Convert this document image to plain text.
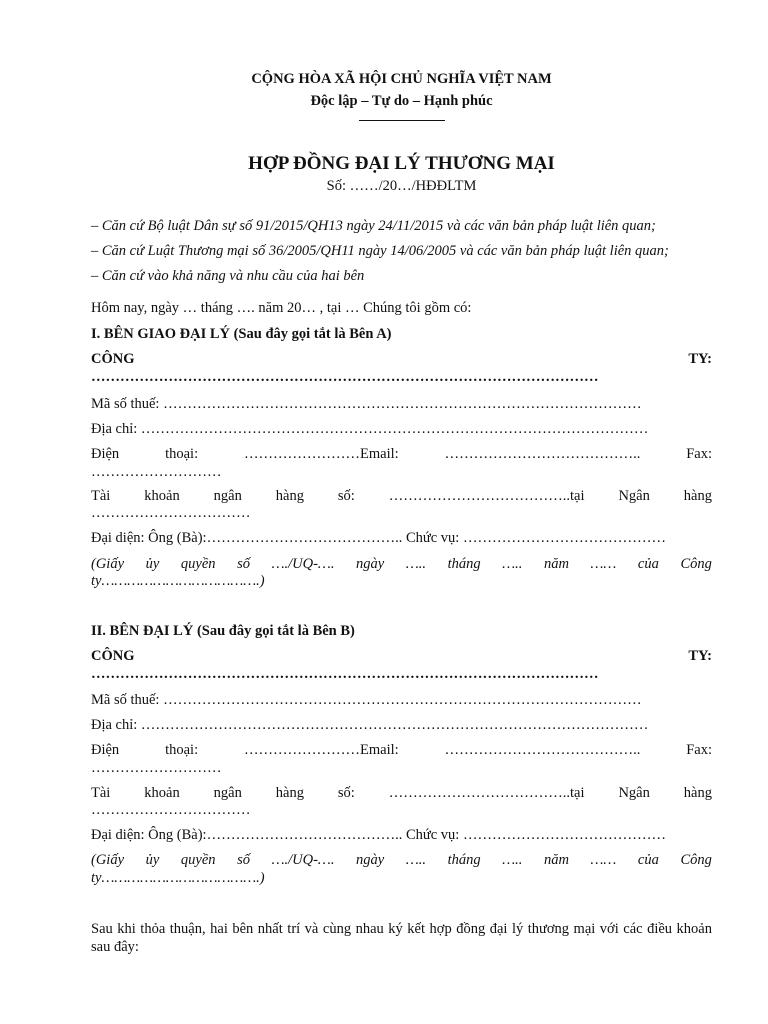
CỘNG HÒA XÃ HỘI CHỦ NGHĨA VIỆT NAM
Độc lập – Tự do – Hạnh phúc
HỢP ĐỒNG ĐẠI LÝ THƯƠNG MẠI
Số: ……/20…/HĐĐLTM
– Căn cứ Bộ luật Dân sự số 91/2015/QH13 ngày 24/11/2015 và các văn bản pháp luật liên quan;
– Căn cứ Luật Thương mại số 36/2005/QH11 ngày 14/06/2005 và các văn bản pháp luật liên quan;
– Căn cứ vào khả năng và nhu cầu của hai bên
Hôm nay, ngày … tháng …. năm 20… , tại … Chúng tôi gồm có:
I. BÊN GIAO ĐẠI LÝ (Sau đây gọi tắt là Bên A)
CÔNG	TY:
……………………………………………………………………………………………
Mã số thuế: ………………………………………………………………………………………
Địa chỉ: ……………………………………………………………………………………………
Điện	thoại:	……………………Email:	…………………………………..	Fax:
………………………
Tài khoản ngân hàng số: ………………………………..tại Ngân hàng
……………………………
Đại diện: Ông (Bà):………………………………….. Chức vụ: ……………………………………
(Giấy ủy quyền số …./UQ-…. ngày ….. tháng ….. năm …… của Công
ty……………………………….)
II. BÊN ĐẠI LÝ (Sau đây gọi tắt là Bên B)
CÔNG	TY:
……………………………………………………………………………………………
Mã số thuế: ………………………………………………………………………………………
Địa chỉ: ……………………………………………………………………………………………
Điện	thoại:	……………………Email:	…………………………………..	Fax:
………………………
Tài khoản ngân hàng số: ………………………………..tại Ngân hàng
……………………………
Đại diện: Ông (Bà):………………………………….. Chức vụ: ……………………………………
(Giấy ủy quyền số …./UQ-…. ngày ….. tháng ….. năm …… của Công
ty……………………………….)
Sau khi thỏa thuận, hai bên nhất trí và cùng nhau ký kết hợp đồng đại lý thương mại với các điều khoản sau đây:
